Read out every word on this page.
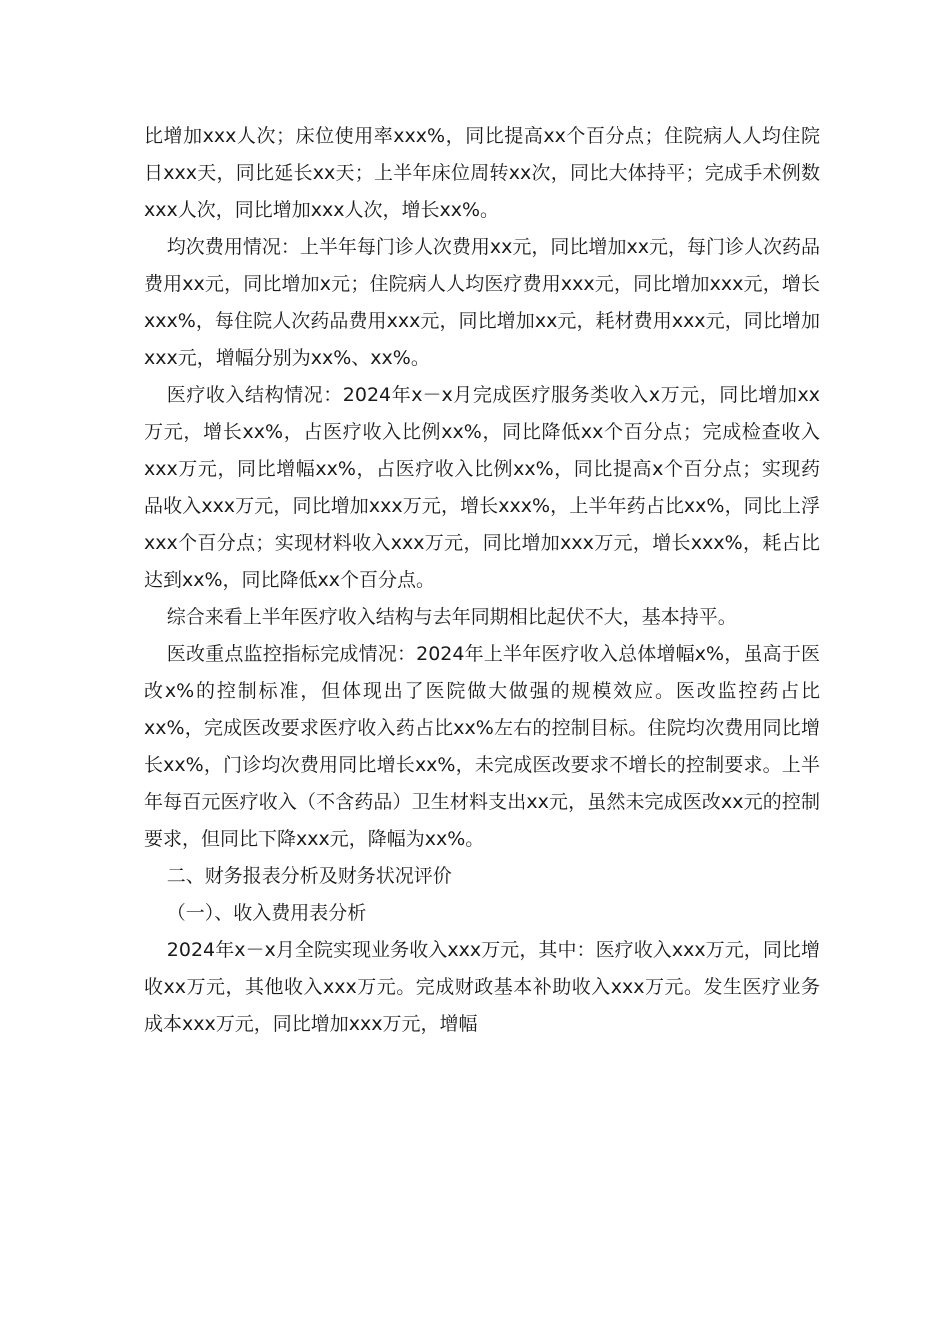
比增加xxx人次；床位使用率xxx%，同比提高xx个百分点；住院病人人均住院日xxx天，同比延长xx天；上半年床位周转xx次，同比大体持平；完成手术例数xxx人次，同比增加xxx人次，增长xx%。

均次费用情况：上半年每门诊人次费用xx元，同比增加xx元，每门诊人次药品费用xx元，同比增加x元；住院病人人均医疗费用xxx元，同比增加xxx元，增长xxx%，每住院人次药品费用xxx元，同比增加xx元，耗材费用xxx元，同比增加xxx元，增幅分别为xx%、xx%。

医疗收入结构情况：2024年x－x月完成医疗服务类收入x万元，同比增加xx万元，增长xx%，占医疗收入比例xx%，同比降低xx个百分点；完成检查收入xxx万元，同比增幅xx%，占医疗收入比例xx%，同比提高x个百分点；实现药品收入xxx万元，同比增加xxx万元，增长xxx%，上半年药占比xx%，同比上浮xxx个百分点；实现材料收入xxx万元，同比增加xxx万元，增长xxx%，耗占比达到xx%，同比降低xx个百分点。

综合来看上半年医疗收入结构与去年同期相比起伏不大，基本持平。

医改重点监控指标完成情况：2024年上半年医疗收入总体增幅x%，虽高于医改x%的控制标准，但体现出了医院做大做强的规模效应。医改监控药占比xx%，完成医改要求医疗收入药占比xx%左右的控制目标。住院均次费用同比增长xx%，门诊均次费用同比增长xx%，未完成医改要求不增长的控制要求。上半年每百元医疗收入（不含药品）卫生材料支出xx元，虽然未完成医改xx元的控制要求，但同比下降xxx元，降幅为xx%。

二、财务报表分析及财务状况评价

（一）、收入费用表分析

2024年x－x月全院实现业务收入xxx万元，其中：医疗收入xxx万元，同比增收xx万元，其他收入xxx万元。完成财政基本补助收入xxx万元。发生医疗业务成本xxx万元，同比增加xxx万元，增幅
